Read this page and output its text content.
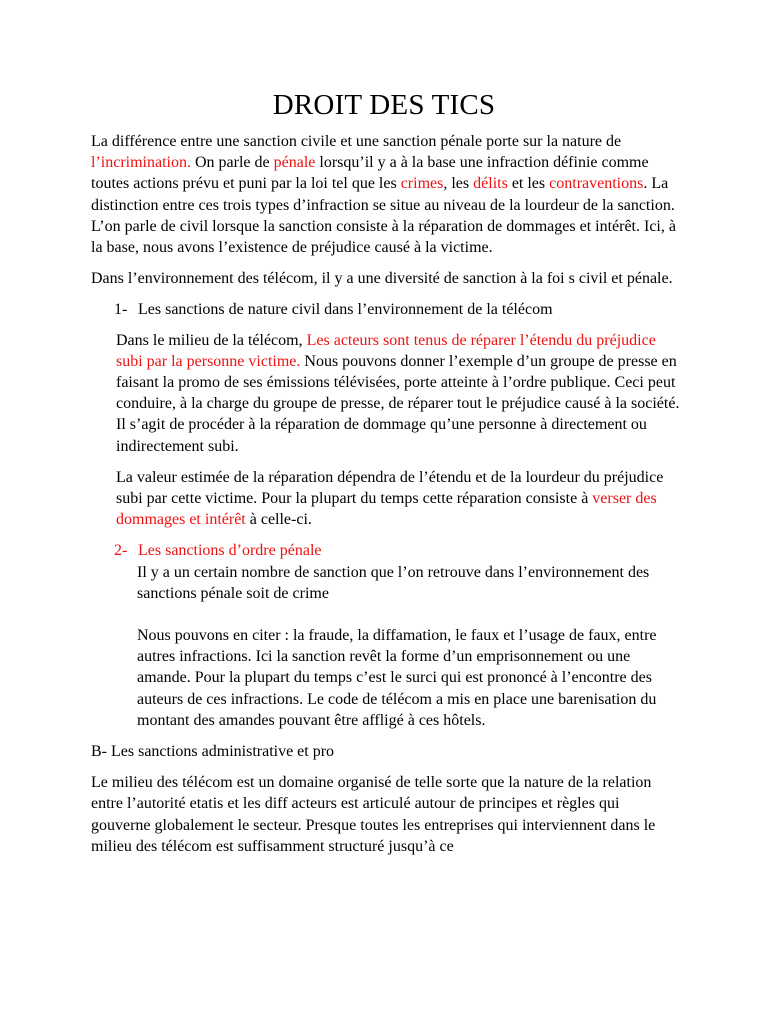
DROIT DES TICS

La différence entre une sanction civile et une sanction pénale porte sur la nature de l’incrimination. On parle de pénale lorsqu’il y a à la base une infraction définie comme toutes actions prévu et puni par la loi tel que les crimes, les délits et les contraventions. La distinction entre ces trois types d’infraction se situe au niveau de la lourdeur de la sanction. L’on parle de civil lorsque la sanction consiste à la réparation de dommages et intérêt. Ici, à la base, nous avons l’existence de préjudice causé à la victime.

Dans l’environnement des télécom, il y a une diversité de sanction à la foi s civil et pénale.

1- Les sanctions de nature civil dans l’environnement de la télécom

Dans le milieu de la télécom, Les acteurs sont tenus de réparer l’étendu du préjudice subi par la personne victime. Nous pouvons donner l’exemple d’un groupe de presse en faisant la promo de ses émissions télévisées, porte atteinte à l’ordre publique. Ceci peut conduire, à la charge du groupe de presse, de réparer tout le préjudice causé à la société. Il s’agit de procéder à la réparation de dommage qu’une personne à directement ou indirectement subi.

La valeur estimée de la réparation dépendra de l’étendu et de la lourdeur du préjudice subi par cette victime. Pour la plupart du temps cette réparation consiste à verser des dommages et intérêt à celle-ci.

2- Les sanctions d’ordre pénale

Il y a un certain nombre de sanction que l’on retrouve dans l’environnement des sanctions pénale soit de crime

Nous pouvons en citer : la fraude, la diffamation, le faux et l’usage de faux, entre autres infractions. Ici la sanction revêt la forme d’un emprisonnement ou une amande. Pour la plupart du temps c’est le surci qui est prononcé à l’encontre des auteurs de ces infractions. Le code de télécom a mis en place une barenisation du montant des amandes pouvant être affligé à ces hôtels.

B- Les sanctions administrative et pro

Le milieu des télécom est un domaine organisé de telle sorte que la nature de la relation entre l’autorité etatis et les diff acteurs est articulé autour de principes et règles qui gouverne globalement le secteur. Presque toutes les entreprises qui interviennent dans le milieu des télécom est suffisamment structuré jusqu’à ce
